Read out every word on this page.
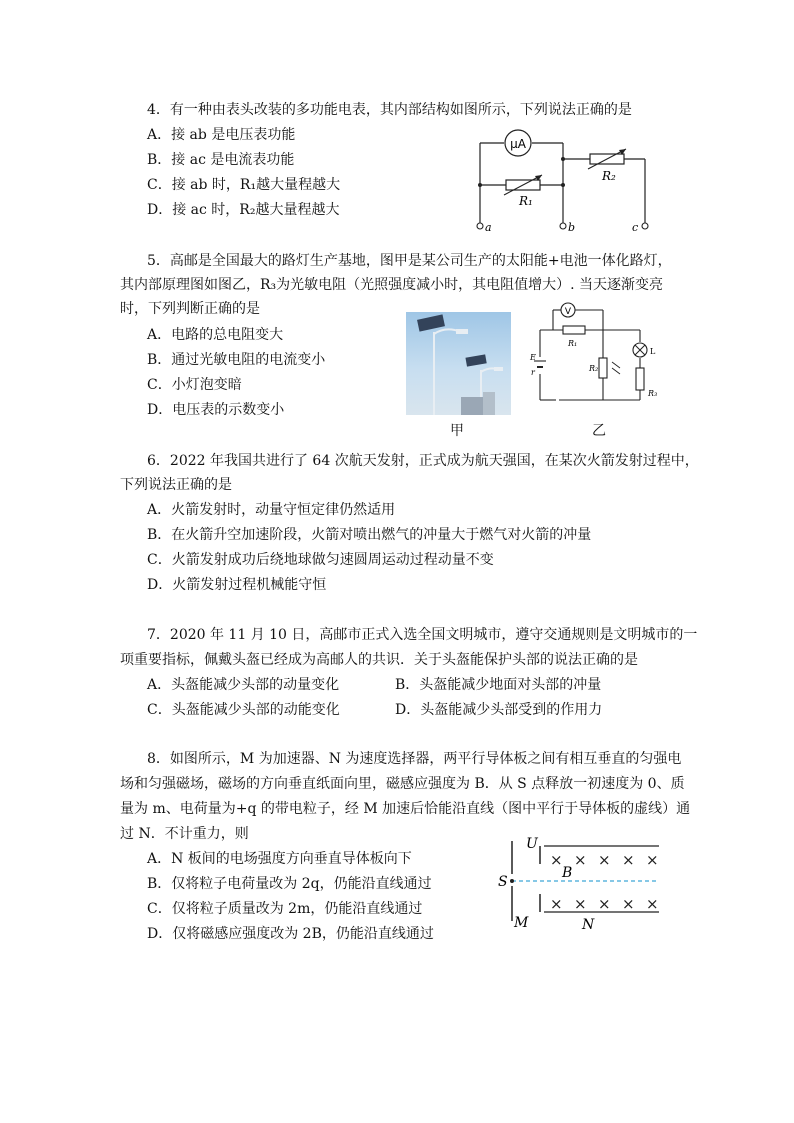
4．有一种由表头改装的多功能电表，其内部结构如图所示，下列说法正确的是
A．接 ab 是电压表功能
B．接 ac 是电流表功能
C．接 ab 时，R₁越大量程越大
D．接 ac 时，R₂越大量程越大
μA
R₁
R₂
a	b	c
5．高邮是全国最大的路灯生产基地，图甲是某公司生产的太阳能+电池一体化路灯，
其内部原理图如图乙，R₃为光敏电阻（光照强度减小时，其电阻值增大）. 当天逐渐变亮
时，下列判断正确的是
A．电路的总电阻变大
B．通过光敏电阻的电流变小
C．小灯泡变暗
D．电压表的示数变小
甲	乙
V
R₁
E
r	R₂
L
R₃
6．2022 年我国共进行了 64 次航天发射，正式成为航天强国，在某次火箭发射过程中，
下列说法正确的是
A．火箭发射时，动量守恒定律仍然适用
B．在火箭升空加速阶段，火箭对喷出燃气的冲量大于燃气对火箭的冲量
C．火箭发射成功后绕地球做匀速圆周运动过程动量不变
D．火箭发射过程机械能守恒
7．2020 年 11 月 10 日，高邮市正式入选全国文明城市，遵守交通规则是文明城市的一
项重要指标，佩戴头盔已经成为高邮人的共识．关于头盔能保护头部的说法正确的是
A．头盔能减少头部的动量变化	B．头盔能减少地面对头部的冲量
C．头盔能减少头部的动能变化	D．头盔能减少头部受到的作用力
8．如图所示，M 为加速器、N 为速度选择器，两平行导体板之间有相互垂直的匀强电
场和匀强磁场，磁场的方向垂直纸面向里，磁感应强度为 B．从 S 点释放一初速度为 0、质
量为 m、电荷量为+q 的带电粒子，经 M 加速后恰能沿直线（图中平行于导体板的虚线）通
过 N．不计重力，则
A．N 板间的电场强度方向垂直导体板向下
B．仅将粒子电荷量改为 2q，仍能沿直线通过
C．仅将粒子质量改为 2m，仍能沿直线通过
D．仅将磁感应强度改为 2B，仍能沿直线通过
U
S
M	N
B
× × × × ×
× × × × ×
